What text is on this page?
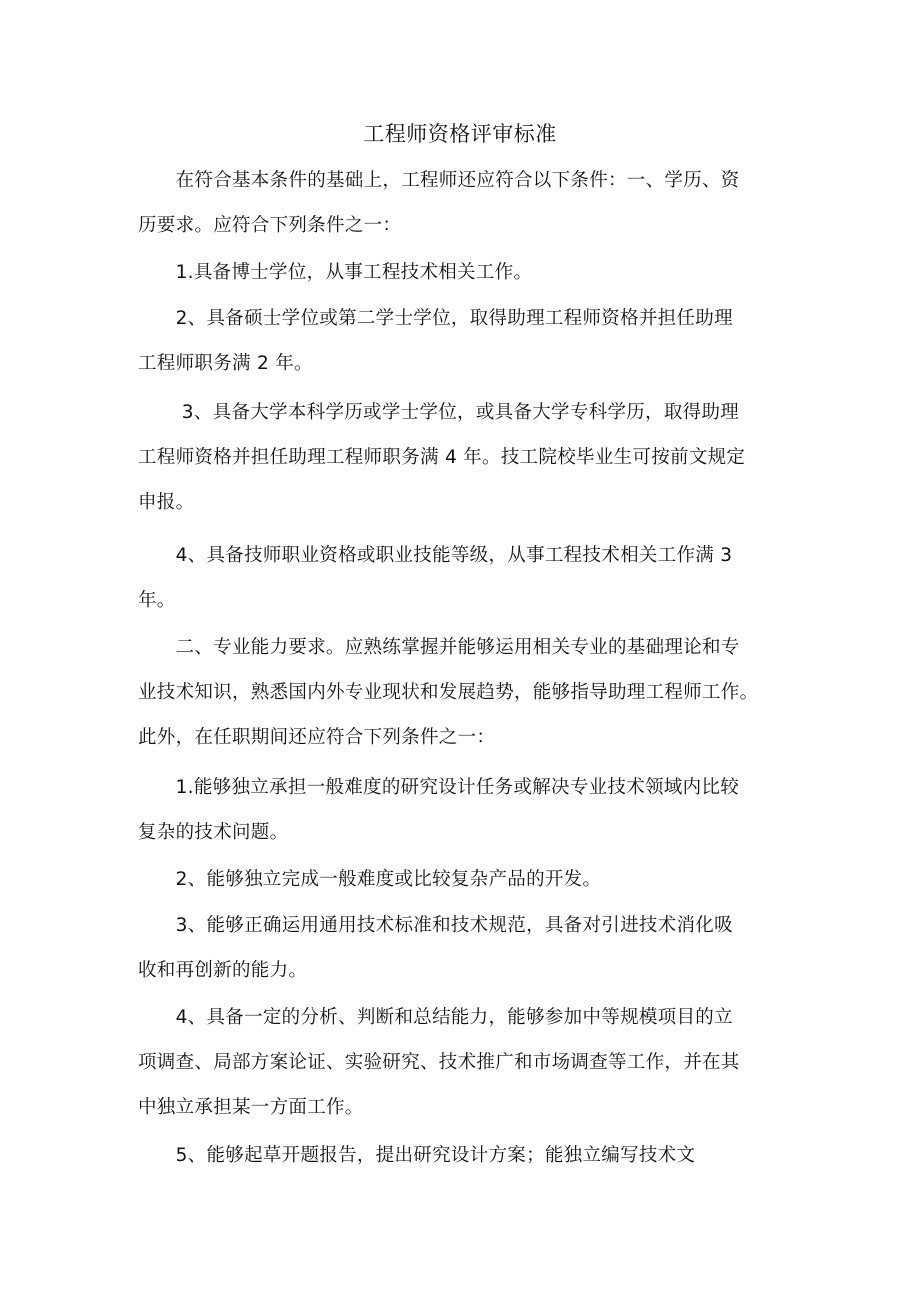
工程师资格评审标准
　　在符合基本条件的基础上，工程师还应符合以下条件：一、学历、资
历要求。应符合下列条件之一：
　　1.具备博士学位，从事工程技术相关工作。
　　2、具备硕士学位或第二学士学位，取得助理工程师资格并担任助理
工程师职务满 2 年。
　　 3、具备大学本科学历或学士学位，或具备大学专科学历，取得助理
工程师资格并担任助理工程师职务满 4 年。技工院校毕业生可按前文规定
申报。
　　4、具备技师职业资格或职业技能等级，从事工程技术相关工作满 3
年。
　　二、专业能力要求。应熟练掌握并能够运用相关专业的基础理论和专
业技术知识，熟悉国内外专业现状和发展趋势，能够指导助理工程师工作。
此外，在任职期间还应符合下列条件之一：
　　1.能够独立承担一般难度的研究设计任务或解决专业技术领域内比较
复杂的技术问题。
　　2、能够独立完成一般难度或比较复杂产品的开发。
　　3、能够正确运用通用技术标准和技术规范，具备对引进技术消化吸
收和再创新的能力。
　　4、具备一定的分析、判断和总结能力，能够参加中等规模项目的立
项调查、局部方案论证、实验研究、技术推广和市场调查等工作，并在其
中独立承担某一方面工作。
　　5、能够起草开题报告，提出研究设计方案；能独立编写技术文
